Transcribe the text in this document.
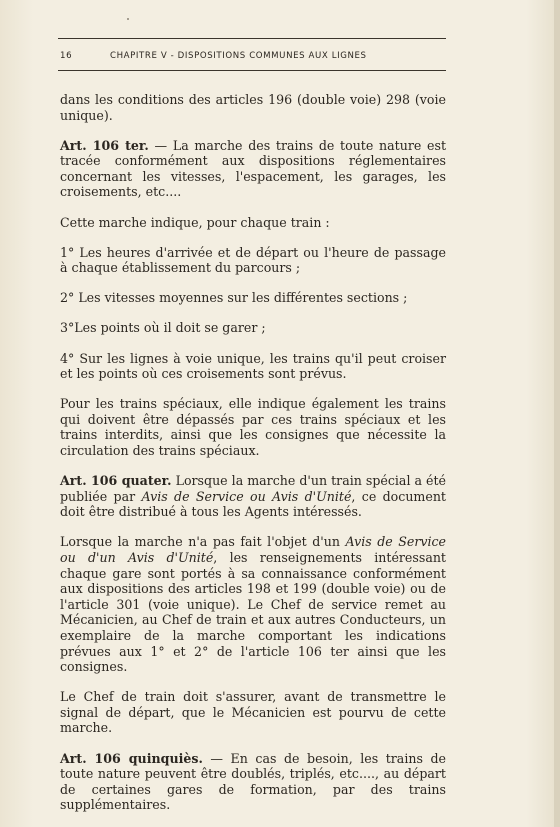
16	CHAPITRE V - DISPOSITIONS COMMUNES AUX LIGNES

dans les conditions des articles 196 (double voie) 298 (voie unique).

Art. 106 ter. — La marche des trains de toute nature est tracée conformément aux dispositions réglementaires concernant les vitesses, l'espacement, les garages, les croisements, etc....

Cette marche indique, pour chaque train :

1° Les heures d'arrivée et de départ ou l'heure de passage à chaque établissement du parcours ;

2° Les vitesses moyennes sur les différentes sections ;

3°Les points où il doit se garer ;

4° Sur les lignes à voie unique, les trains qu'il peut croiser et les points où ces croisements sont prévus.

Pour les trains spéciaux, elle indique également les trains qui doivent être dépassés par ces trains spéciaux et les trains interdits, ainsi que les consignes que nécessite la circulation des trains spéciaux.

Art. 106 quater. Lorsque la marche d'un train spécial a été publiée par Avis de Service ou Avis d'Unité, ce document doit être distribué à tous les Agents intéressés.

Lorsque la marche n'a pas fait l'objet d'un Avis de Service ou d'un Avis d'Unité, les renseignements intéressant chaque gare sont portés à sa connaissance conformément aux dispositions des articles 198 et 199 (double voie) ou de l'article 301 (voie unique). Le Chef de service remet au Mécanicien, au Chef de train et aux autres Conducteurs, un exemplaire de la marche comportant les indications prévues aux 1° et 2° de l'article 106 ter ainsi que les consignes.

Le Chef de train doit s'assurer, avant de transmettre le signal de départ, que le Mécanicien est pourvu de cette marche.

Art. 106 quinquiès. — En cas de besoin, les trains de toute nature peuvent être doublés, triplés, etc...., au départ de certaines gares de formation, par des trains supplémentaires.
